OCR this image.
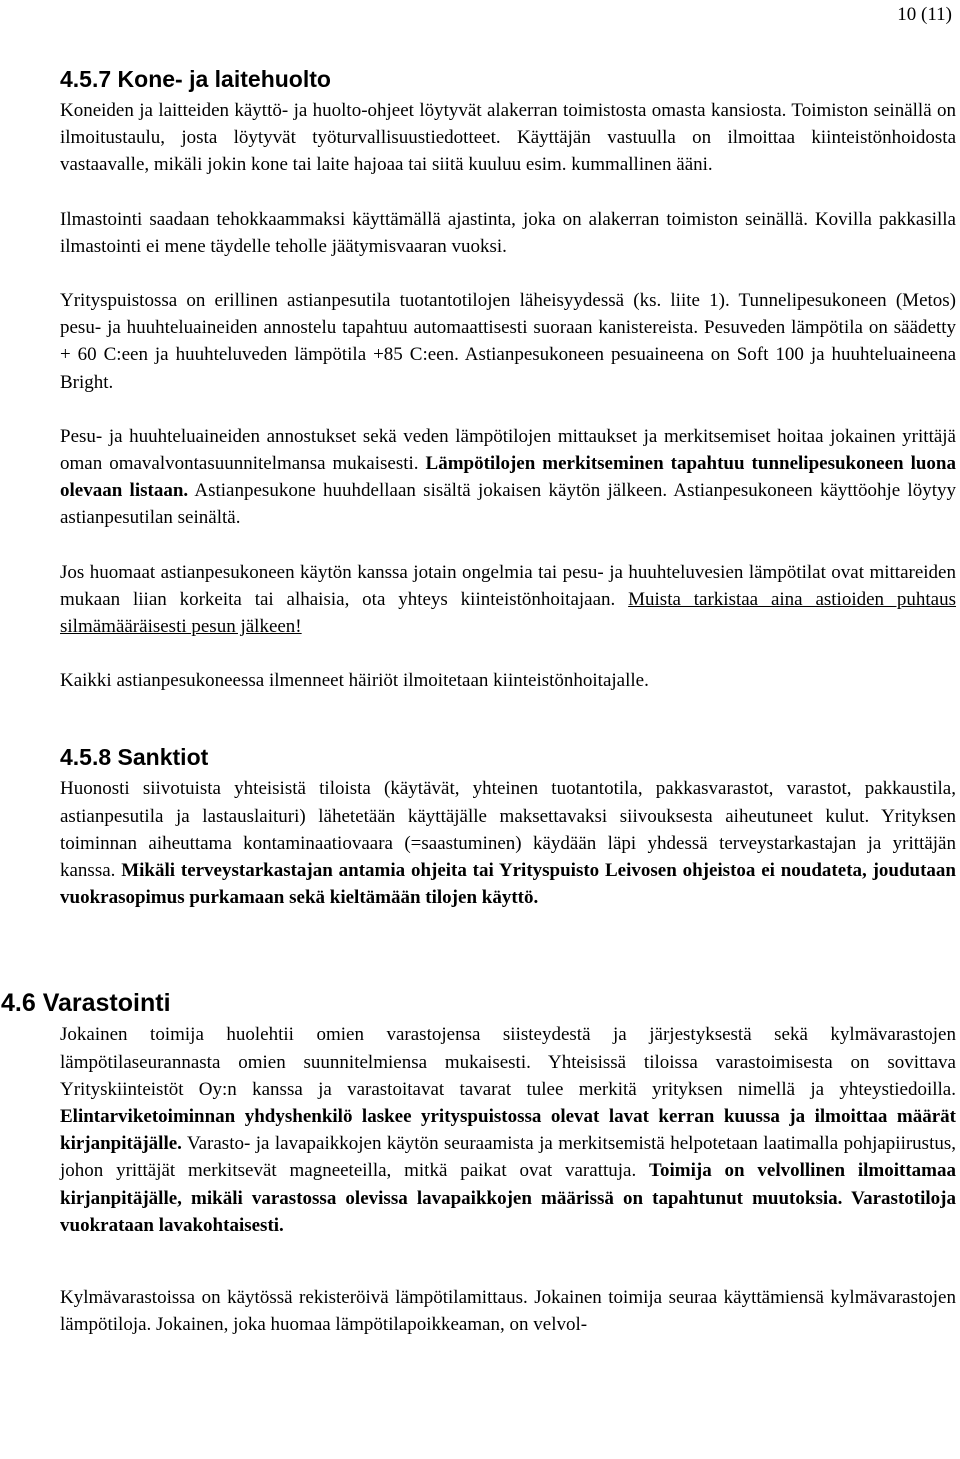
10 (11)
4.5.7 Kone- ja laitehuolto

Koneiden ja laitteiden käyttö- ja huolto-ohjeet löytyvät alakerran toimistosta omasta kansiosta. Toimiston seinällä on ilmoitustaulu, josta löytyvät työturvallisuustiedotteet. Käyttäjän vastuulla on ilmoittaa kiinteistönhoidosta vastaavalle, mikäli jokin kone tai laite hajoaa tai siitä kuuluu esim. kummallinen ääni.

Ilmastointi saadaan tehokkaammaksi käyttämällä ajastinta, joka on alakerran toimiston seinällä. Kovilla pakkasilla ilmastointi ei mene täydelle teholle jäätymisvaaran vuoksi.

Yrityspuistossa on erillinen astianpesutila tuotantotilojen läheisyydessä (ks. liite 1). Tunnelipesukoneen (Metos) pesu- ja huuhteluaineiden annostelu tapahtuu automaattisesti suoraan kanistereista. Pesuveden lämpötila on säädetty + 60 C:een ja huuhteluveden lämpötila +85 C:een. Astianpesukoneen pesuaineena on Soft 100 ja huuhteluaineena Bright.

Pesu- ja huuhteluaineiden annostukset sekä veden lämpötilojen mittaukset ja merkitsemiset hoitaa jokainen yrittäjä oman omavalvontasuunnitelmansa mukaisesti. Lämpötilojen merkitseminen tapahtuu tunnelipesukoneen luona olevaan listaan. Astianpesukone huuhdellaan sisältä jokaisen käytön jälkeen. Astianpesukoneen käyttöohje löytyy astianpesutilan seinältä.

Jos huomaat astianpesukoneen käytön kanssa jotain ongelmia tai pesu- ja huuhteluvesien lämpötilat ovat mittareiden mukaan liian korkeita tai alhaisia, ota yhteys kiinteistönhoitajaan. Muista tarkistaa aina astioiden puhtaus silmämääräisesti pesun jälkeen!

Kaikki astianpesukoneessa ilmenneet häiriöt ilmoitetaan kiinteistönhoitajalle.

4.5.8 Sanktiot

Huonosti siivotuista yhteisistä tiloista (käytävät, yhteinen tuotantotila, pakkasvarastot, varastot, pakkaustila, astianpesutila ja lastauslaituri) lähetetään käyttäjälle maksettavaksi siivouksesta aiheutuneet kulut. Yrityksen toiminnan aiheuttama kontaminaatiovaara (=saastuminen) käydään läpi yhdessä terveystarkastajan ja yrittäjän kanssa. Mikäli terveystarkastajan antamia ohjeita tai Yrityspuisto Leivosen ohjeistoa ei noudateta, joudutaan vuokrasopimus purkamaan sekä kieltämään tilojen käyttö.

4.6 Varastointi

Jokainen toimija huolehtii omien varastojensa siisteydestä ja järjestyksestä sekä kylmävarastojen lämpötilaseurannasta omien suunnitelmiensa mukaisesti. Yhteisissä tiloissa varastoimisesta on sovittava Yrityskiinteistöt Oy:n kanssa ja varastoitavat tavarat tulee merkitä yrityksen nimellä ja yhteystiedoilla. Elintarviketoiminnan yhdyshenkilö laskee yrityspuistossa olevat lavat kerran kuussa ja ilmoittaa määrät kirjanpitäjälle. Varasto- ja lavapaikkojen käytön seuraamista ja merkitsemistä helpotetaan laatimalla pohjapiirustus, johon yrittäjät merkitsevät magneeteilla, mitkä paikat ovat varattuja. Toimija on velvollinen ilmoittamaa kirjanpitäjälle, mikäli varastossa olevissa lavapaikkojen määrissä on tapahtunut muutoksia. Varastotiloja vuokrataan lavakohtaisesti.

Kylmävarastoissa on käytössä rekisteröivä lämpötilamittaus. Jokainen toimija seuraa käyttämiensä kylmävarastojen lämpötiloja. Jokainen, joka huomaa lämpötilapoikkeaman, on velvol-
